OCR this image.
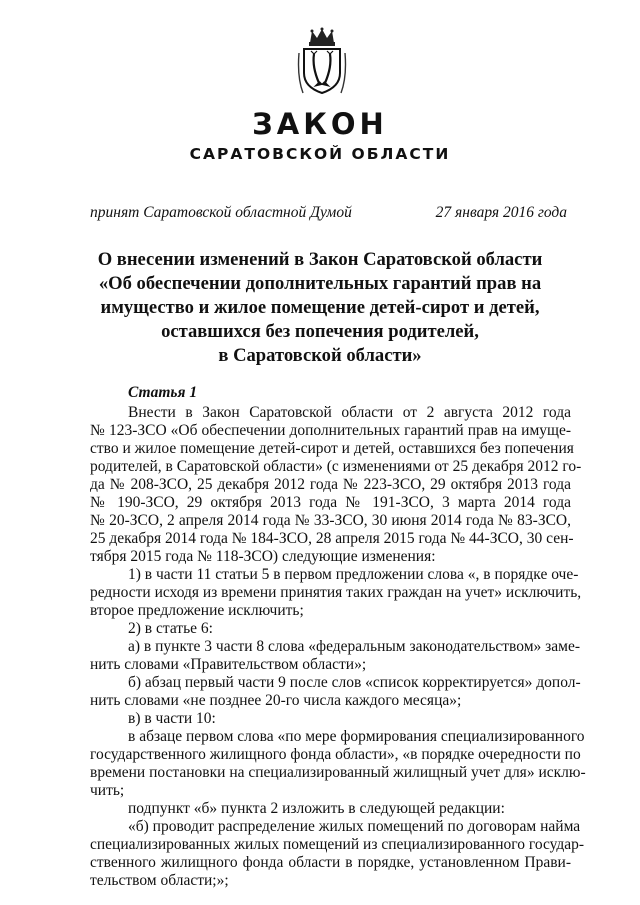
ЗАКОН
САРАТОВСКОЙ ОБЛАСТИ
принят Саратовской областной Думой	27 января 2016 года
О внесении изменений в Закон Саратовской области
«Об обеспечении дополнительных гарантий прав на
имущество и жилое помещение детей-сирот и детей,
оставшихся без попечения родителей,
в Саратовской области»
Статья 1
Внести в Закон Саратовской области от 2 августа 2012 года
№ 123-ЗСО «Об обеспечении дополнительных гарантий прав на имуще-
ство и жилое помещение детей-сирот и детей, оставшихся без попечения
родителей, в Саратовской области» (с изменениями от 25 декабря 2012 го-
да № 208-ЗСО, 25 декабря 2012 года № 223-ЗСО, 29 октября 2013 года
№ 190-ЗСО, 29 октября 2013 года № 191-ЗСО, 3 марта 2014 года
№ 20-ЗСО, 2 апреля 2014 года № 33-ЗСО, 30 июня 2014 года № 83-ЗСО,
25 декабря 2014 года № 184-ЗСО, 28 апреля 2015 года № 44-ЗСО, 30 сен-
тября 2015 года № 118-ЗСО) следующие изменения:
1) в части 11 статьи 5 в первом предложении слова «, в порядке оче-
редности исходя из времени принятия таких граждан на учет» исключить,
второе предложение исключить;
2) в статье 6:
а) в пункте 3 части 8 слова «федеральным законодательством» заме-
нить словами «Правительством области»;
б) абзац первый части 9 после слов «список корректируется» допол-
нить словами «не позднее 20-го числа каждого месяца»;
в) в части 10:
в абзаце первом слова «по мере формирования специализированного
государственного жилищного фонда области», «в порядке очередности по
времени постановки на специализированный жилищный учет для» исклю-
чить;
подпункт «б» пункта 2 изложить в следующей редакции:
«б) проводит распределение жилых помещений по договорам найма
специализированных жилых помещений из специализированного государ-
ственного жилищного фонда области в порядке, установленном Прави-
тельством области;»;
